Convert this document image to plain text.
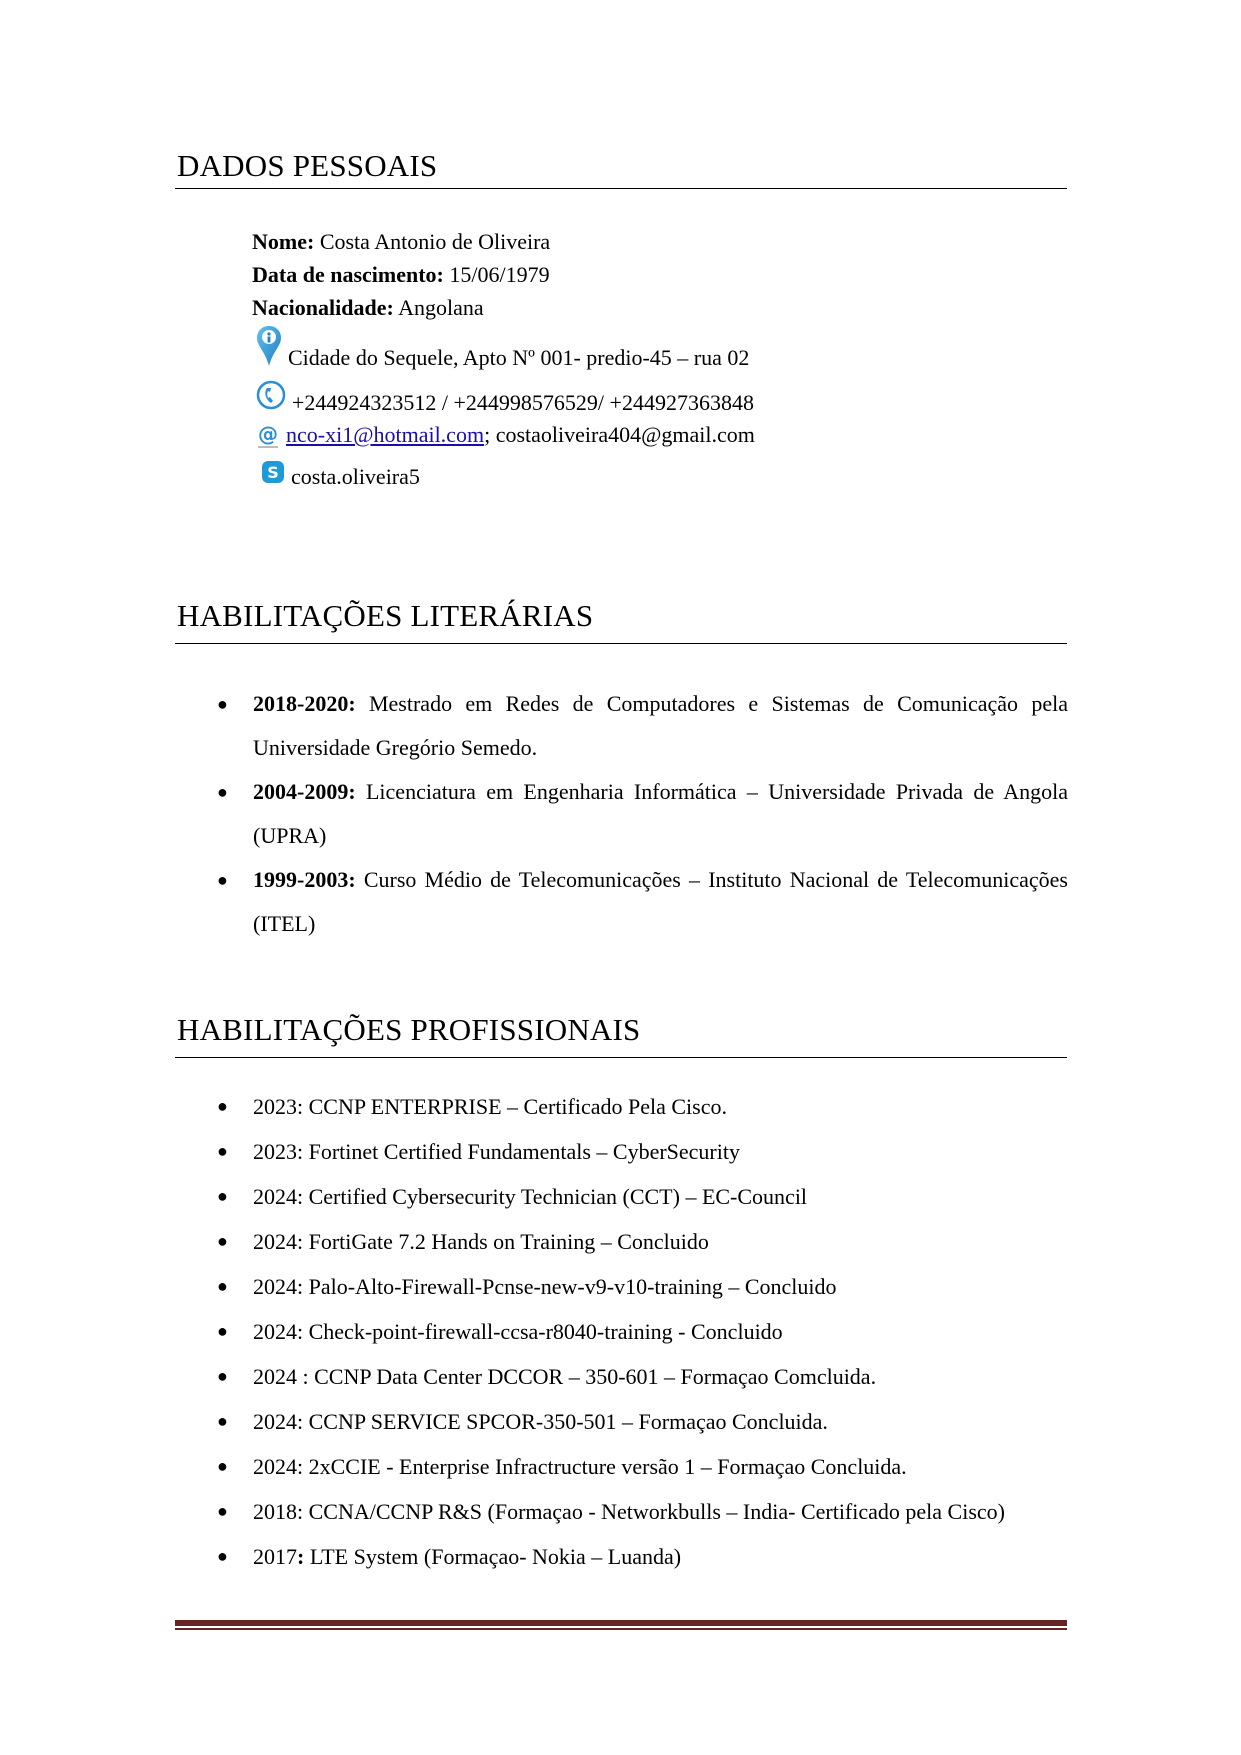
DADOS PESSOAIS
Nome: Costa Antonio de Oliveira
Data de nascimento: 15/06/1979
Nacionalidade: Angolana
Cidade do Sequele, Apto Nº 001- predio-45 – rua 02
+244924323512 / +244998576529/ +244927363848
@ nco-xi1@hotmail.com ; costaoliveira404@gmail.com
S costa.oliveira5
HABILITAÇÕES LITERÁRIAS
● 2018-2020: Mestrado em Redes de Computadores e Sistemas de Comunicação pela Universidade Gregório Semedo.
● 2004-2009: Licenciatura em Engenharia Informática – Universidade Privada de Angola (UPRA)
● 1999-2003: Curso Médio de Telecomunicações – Instituto Nacional de Telecomunicações (ITEL)
HABILITAÇÕES PROFISSIONAIS
● 2023: CCNP ENTERPRISE – Certificado Pela Cisco.
● 2023: Fortinet Certified Fundamentals – CyberSecurity
● 2024: Certified Cybersecurity Technician (CCT) – EC-Council
● 2024: FortiGate 7.2 Hands on Training – Concluido
● 2024: Palo-Alto-Firewall-Pcnse-new-v9-v10-training – Concluido
● 2024: Check-point-firewall-ccsa-r8040-training - Concluido
● 2024 : CCNP Data Center DCCOR – 350-601 – Formaçao Comcluida.
● 2024: CCNP SERVICE SPCOR-350-501 – Formaçao Concluida.
● 2024: 2xCCIE - Enterprise Infractructure versão 1 – Formaçao Concluida.
● 2018: CCNA/CCNP R&S (Formaçao - Networkbulls – India- Certificado pela Cisco)
● 2017: LTE System (Formaçao- Nokia – Luanda)
